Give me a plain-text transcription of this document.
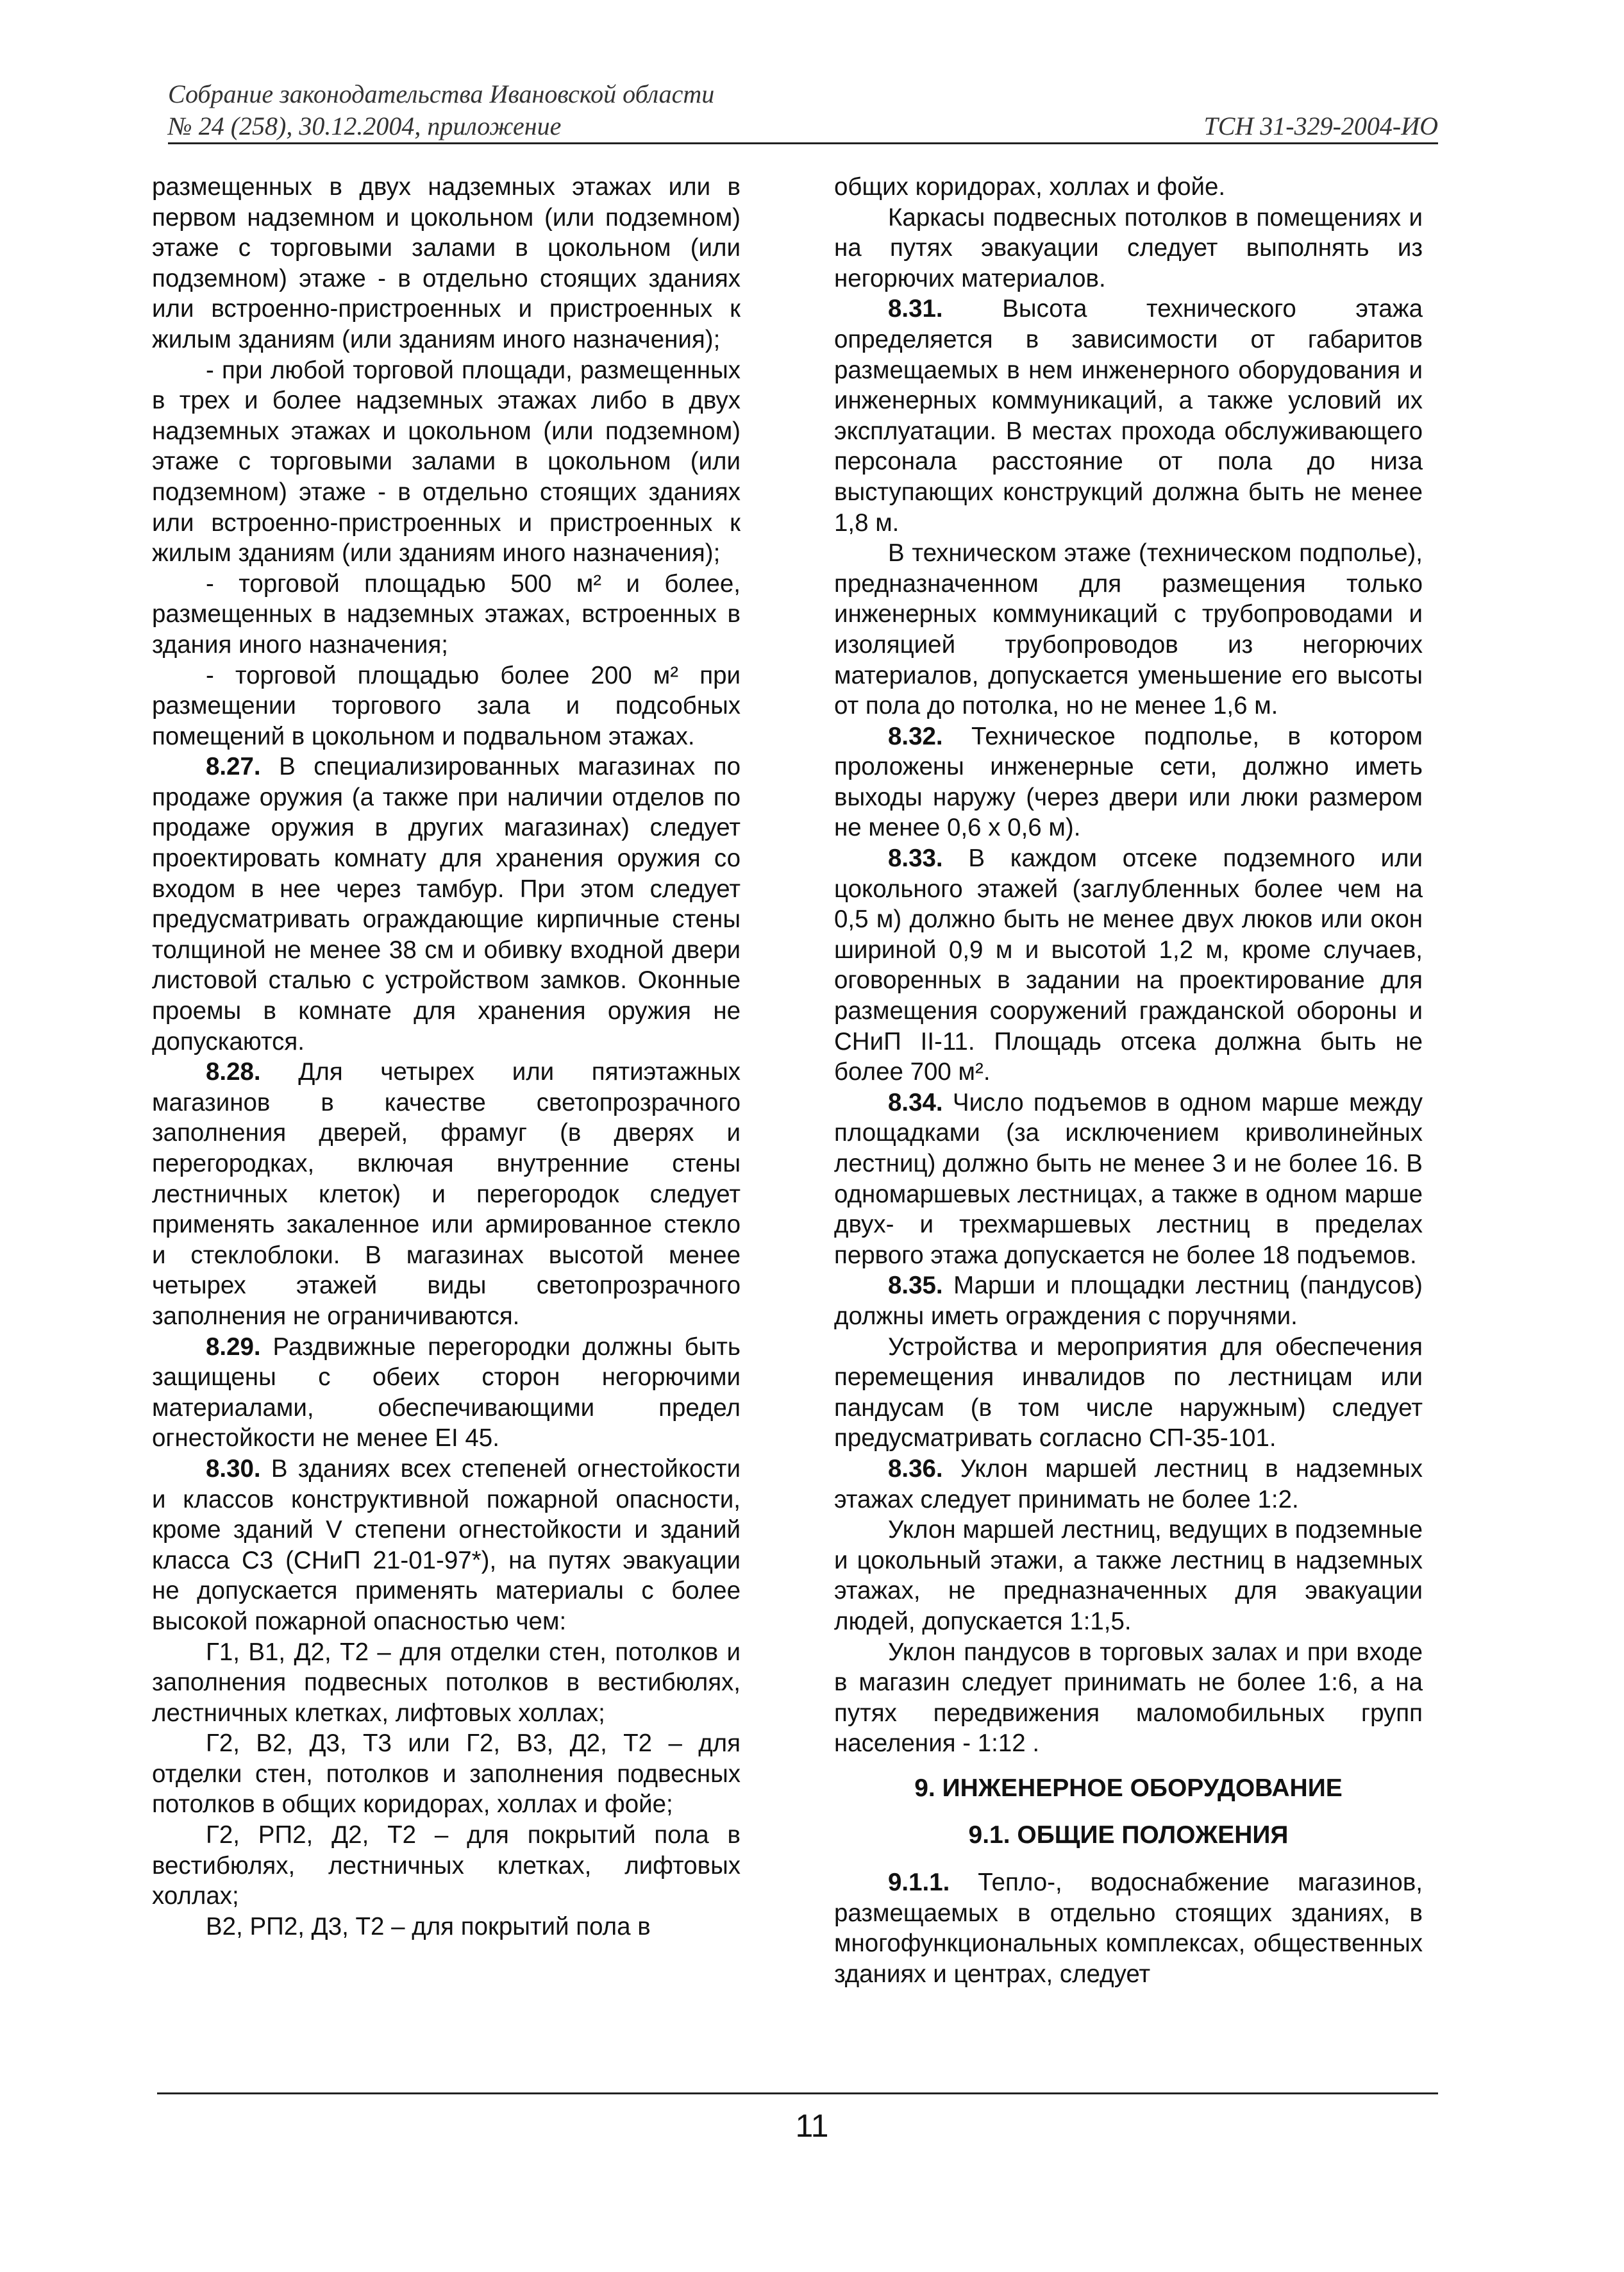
Собрание законодательства Ивановской области
№ 24 (258), 30.12.2004, приложение	ТСН 31-329-2004-ИО

размещенных в двух надземных этажах или в первом надземном и цокольном (или подземном) этаже с торговыми залами в цокольном (или подземном) этаже - в отдельно стоящих зданиях или встроенно-пристроенных и пристроенных к жилым зданиям (или зданиям иного назначения);

- при любой торговой площади, размещенных в трех и более надземных этажах либо в двух надземных этажах и цокольном (или подземном) этаже с торговыми залами в цокольном (или подземном) этаже - в отдельно стоящих зданиях или встроенно-пристроенных и пристроенных к жилым зданиям (или зданиям иного назначения);

- торговой площадью 500 м² и более, размещенных в надземных этажах, встроенных в здания иного назначения;

- торговой площадью более 200 м² при размещении торгового зала и подсобных помещений в цокольном и подвальном этажах.

8.27. В специализированных магазинах по продаже оружия (а также при наличии отделов по продаже оружия в других магазинах) следует проектировать комнату для хранения оружия со входом в нее через тамбур. При этом следует предусматривать ограждающие кирпичные стены толщиной не менее 38 см и обивку входной двери листовой сталью с устройством замков. Оконные проемы в комнате для хранения оружия не допускаются.

8.28. Для четырех или пятиэтажных магазинов в качестве светопрозрачного заполнения дверей, фрамуг (в дверях и перегородках, включая внутренние стены лестничных клеток) и перегородок следует применять закаленное или армированное стекло и стеклоблоки. В магазинах высотой менее четырех этажей виды светопрозрачного заполнения не ограничиваются.

8.29. Раздвижные перегородки должны быть защищены с обеих сторон негорючими материалами, обеспечивающими предел огнестойкости не менее EI 45.

8.30. В зданиях всех степеней огнестойкости и классов конструктивной пожарной опасности, кроме зданий V степени огнестойкости и зданий класса С3 (СНиП 21-01-97*), на путях эвакуации не допускается применять материалы с более высокой пожарной опасностью чем:

Г1, В1, Д2, Т2 – для отделки стен, потолков и заполнения подвесных потолков в вестибюлях, лестничных клетках, лифтовых холлах;

Г2, В2, Д3, Т3 или Г2, В3, Д2, Т2 – для отделки стен, потолков и заполнения подвесных потолков в общих коридорах, холлах и фойе;

Г2, РП2, Д2, Т2 – для покрытий пола в вестибюлях, лестничных клетках, лифтовых холлах;

В2, РП2, Д3, Т2 – для покрытий пола в

общих коридорах, холлах и фойе.

Каркасы подвесных потолков в помещениях и на путях эвакуации следует выполнять из негорючих материалов.

8.31. Высота технического этажа определяется в зависимости от габаритов размещаемых в нем инженерного оборудования и инженерных коммуникаций, а также условий их эксплуатации. В местах прохода обслуживающего персонала расстояние от пола до низа выступающих конструкций должна быть не менее 1,8 м.

В техническом этаже (техническом подполье), предназначенном для размещения только инженерных коммуникаций с трубопроводами и изоляцией трубопроводов из негорючих материалов, допускается уменьшение его высоты от пола до потолка, но не менее 1,6 м.

8.32. Техническое подполье, в котором проложены инженерные сети, должно иметь выходы наружу (через двери или люки размером не менее 0,6 х 0,6 м).

8.33. В каждом отсеке подземного или цокольного этажей (заглубленных более чем на 0,5 м) должно быть не менее двух люков или окон шириной 0,9 м и высотой 1,2 м, кроме случаев, оговоренных в задании на проектирование для размещения сооружений гражданской обороны и СНиП II-11. Площадь отсека должна быть не более 700 м².

8.34. Число подъемов в одном марше между площадками (за исключением криволинейных лестниц) должно быть не менее 3 и не более 16. В одномаршевых лестницах, а также в одном марше двух- и трехмаршевых лестниц в пределах первого этажа допускается не более 18 подъемов.

8.35. Марши и площадки лестниц (пандусов) должны иметь ограждения с поручнями.

Устройства и мероприятия для обеспечения перемещения инвалидов по лестницам или пандусам (в том числе наружным) следует предусматривать согласно СП-35-101.

8.36. Уклон маршей лестниц в надземных этажах следует принимать не более 1:2.

Уклон маршей лестниц, ведущих в подземные и цокольный этажи, а также лестниц в надземных этажах, не предназначенных для эвакуации людей, допускается 1:1,5.

Уклон пандусов в торговых залах и при входе в магазин следует принимать не более 1:6, а на путях передвижения маломобильных групп населения - 1:12 .

9. ИНЖЕНЕРНОЕ ОБОРУДОВАНИЕ

9.1. ОБЩИЕ ПОЛОЖЕНИЯ

9.1.1. Тепло-, водоснабжение магазинов, размещаемых в отдельно стоящих зданиях, в многофункциональных комплексах, общественных зданиях и центрах, следует

11
